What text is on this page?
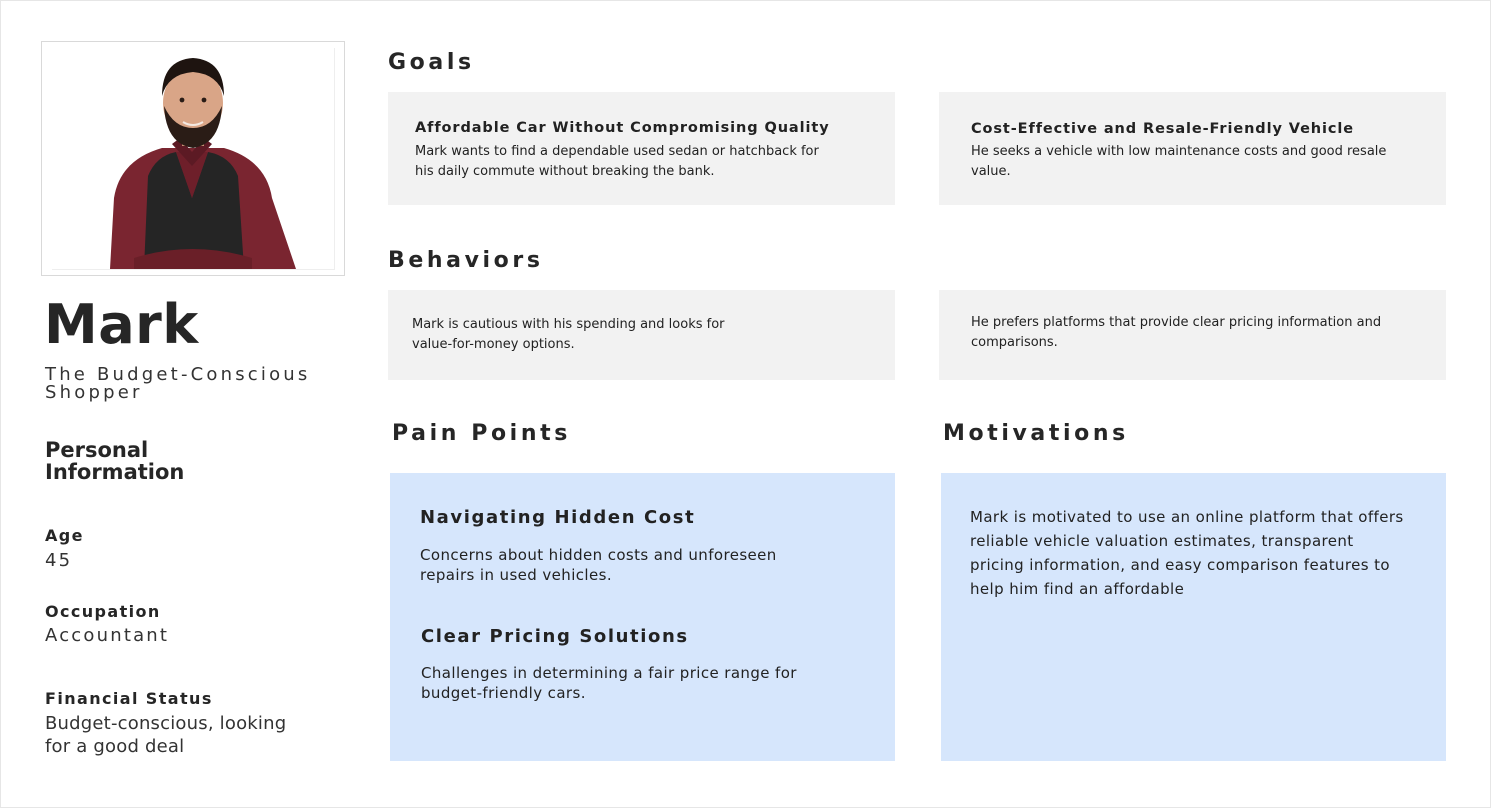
Mark

The Budget-Conscious Shopper

Personal Information

Age

45

Occupation

Accountant

Financial Status

Budget-conscious, looking for a good deal

Goals

Affordable Car Without Compromising Quality

Mark wants to find a dependable used sedan or hatchback for his daily commute without breaking the bank.

Cost-Effective and Resale-Friendly Vehicle

He seeks a vehicle with low maintenance costs and good resale value.

Behaviors

Mark is cautious with his spending and looks for value-for-money options.

He prefers platforms that provide clear pricing information and comparisons.

Pain Points

Navigating Hidden Cost

Concerns about hidden costs and unforeseen repairs in used vehicles.

Clear Pricing Solutions

Challenges in determining a fair price range for budget-friendly cars.

Motivations

Mark is motivated to use an online platform that offers reliable vehicle valuation estimates, transparent pricing information, and easy comparison features to help him find an affordable
